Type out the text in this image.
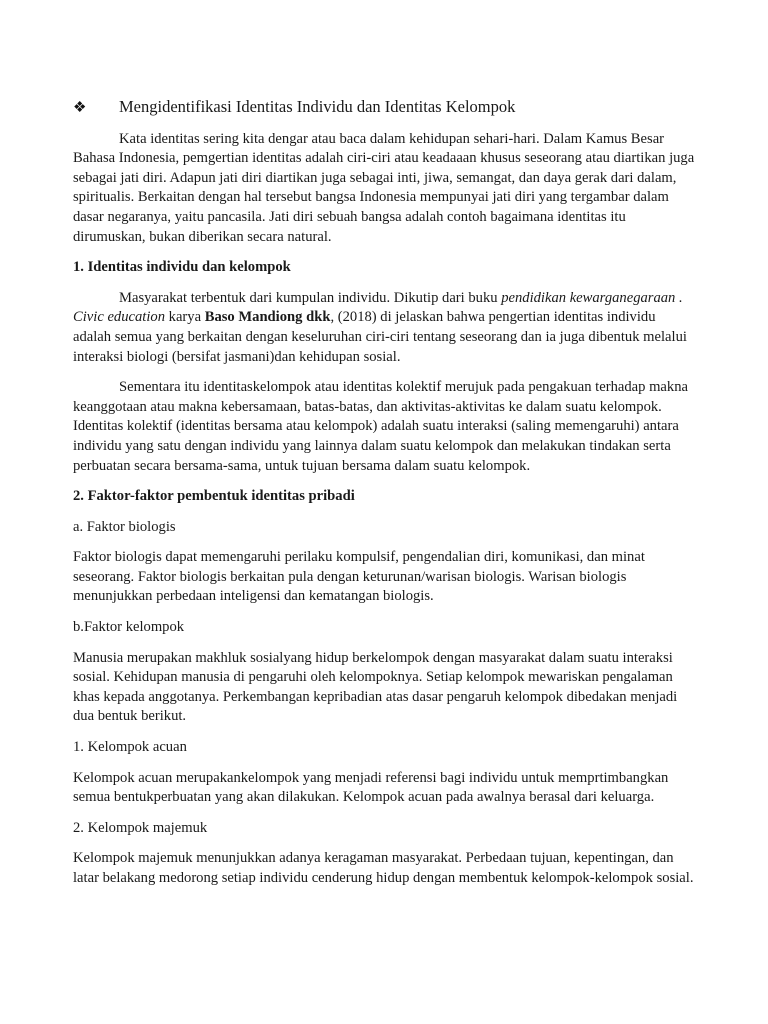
❖	Mengidentifikasi Identitas Individu dan Identitas Kelompok

Kata identitas sering kita dengar atau baca dalam kehidupan sehari-hari. Dalam Kamus Besar Bahasa Indonesia, pemgertian identitas adalah ciri-ciri atau keadaaan khusus seseorang atau diartikan juga sebagai jati diri. Adapun jati diri diartikan juga sebagai inti, jiwa, semangat, dan daya gerak dari dalam, spiritualis. Berkaitan dengan hal tersebut bangsa Indonesia mempunyai jati diri yang tergambar dalam dasar negaranya, yaitu pancasila. Jati diri sebuah bangsa adalah contoh bagaimana identitas itu dirumuskan, bukan diberikan secara natural.

1. Identitas individu dan kelompok

Masyarakat terbentuk dari kumpulan individu. Dikutip dari buku pendidikan kewarganegaraan . Civic education karya Baso Mandiong dkk, (2018) di jelaskan bahwa pengertian identitas individu adalah semua yang berkaitan dengan keseluruhan ciri-ciri tentang seseorang dan ia juga dibentuk melalui interaksi biologi (bersifat jasmani)dan kehidupan sosial.

Sementara itu identitaskelompok atau identitas kolektif merujuk pada pengakuan terhadap makna keanggotaan atau makna kebersamaan, batas-batas, dan aktivitas-aktivitas ke dalam suatu kelompok. Identitas kolektif (identitas bersama atau kelompok) adalah suatu interaksi (saling memengaruhi) antara individu yang satu dengan individu yang lainnya dalam suatu kelompok dan melakukan tindakan serta perbuatan secara bersama-sama, untuk tujuan bersama dalam suatu kelompok.

2. Faktor-faktor pembentuk identitas pribadi
a. Faktor biologis

Faktor biologis dapat memengaruhi perilaku kompulsif, pengendalian diri, komunikasi, dan minat seseorang. Faktor biologis berkaitan pula dengan keturunan/warisan biologis. Warisan biologis menunjukkan perbedaan inteligensi dan kematangan biologis.

b.Faktor kelompok

Manusia merupakan makhluk sosialyang hidup berkelompok dengan masyarakat dalam suatu interaksi sosial. Kehidupan manusia di pengaruhi oleh kelompoknya. Setiap kelompok mewariskan pengalaman khas kepada anggotanya. Perkembangan kepribadian atas dasar pengaruh kelompok dibedakan menjadi dua bentuk berikut.

1. Kelompok acuan

Kelompok acuan merupakankelompok yang menjadi referensi bagi individu untuk memprtimbangkan semua bentukperbuatan yang akan dilakukan. Kelompok acuan pada awalnya berasal dari keluarga.

2. Kelompok majemuk

Kelompok majemuk menunjukkan adanya keragaman masyarakat. Perbedaan tujuan, kepentingan, dan latar belakang medorong setiap individu cenderung hidup dengan membentuk kelompok-kelompok sosial.
